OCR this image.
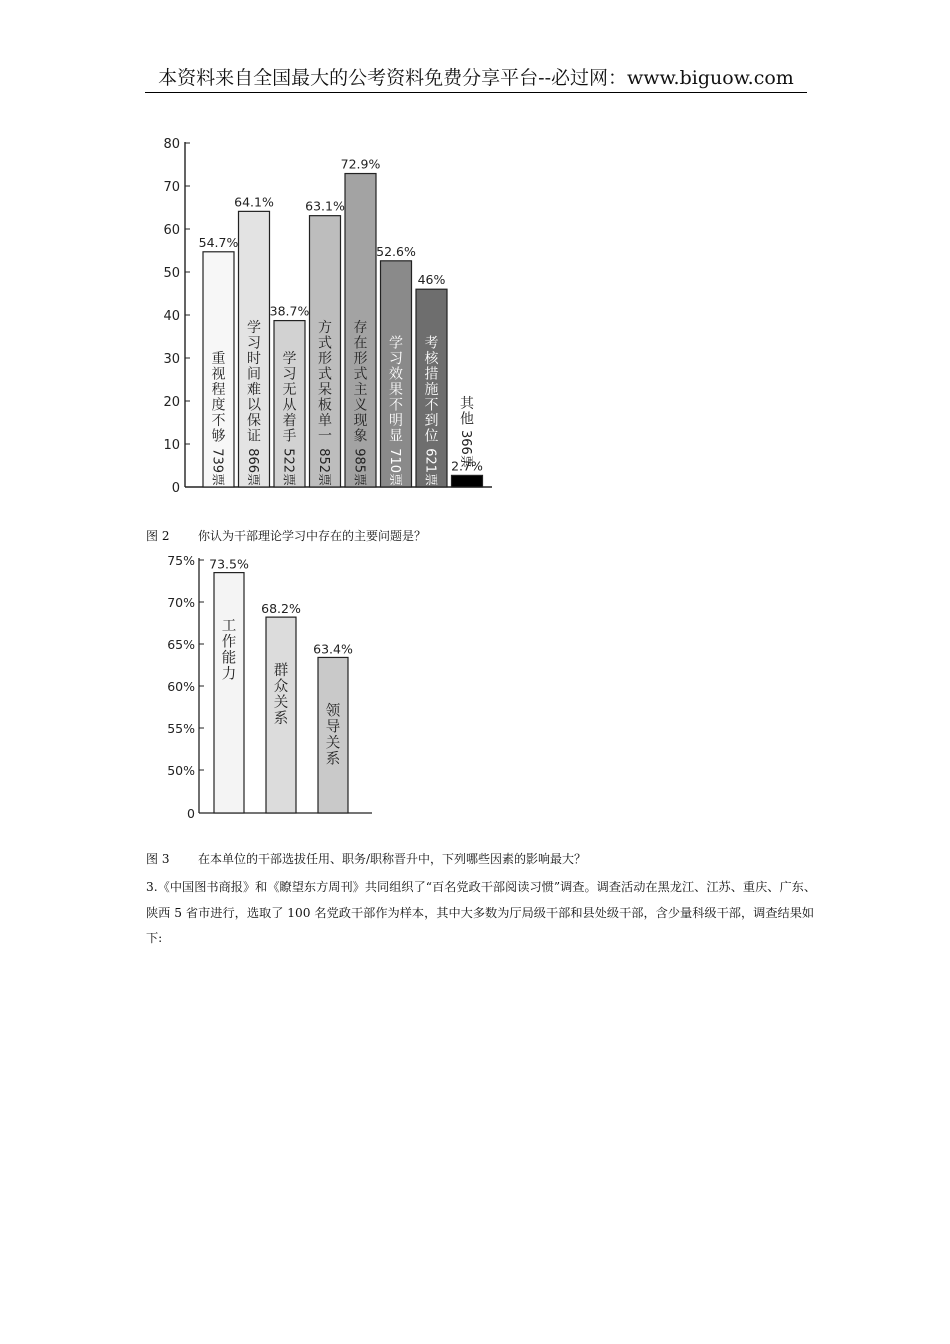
本资料来自全国最大的公考资料免费分享平台--必过网：www.biguow.com
0
10
20
30
40
50
60
70
80
54.7%
重视程度不够
739票
64.1%
学习时间难以保证
866票
38.7%
学习无从着手
522票
63.1%
方式形式呆板单一
852票
72.9%
存在形式主义现象
985票
52.6%
学习效果不明显
710票
46%
考核措施不到位
621票 2.7%
其他
366票
图 2 你认为干部理论学习中存在的主要问题是？
0
50%
55%
60%
65%
70%
75% 73.5%
工作能力
68.2%
群众关系
63.4%
领导关系
图 3 在本单位的干部选拔任用、职务/职称晋升中，下列哪些因素的影响最大？
3.《中国图书商报》和《瞭望东方周刊》共同组织了“百名党政干部阅读习惯”调查。调查活动在黑龙江、江苏、重庆、广东、陕西 5 省市进行，选取了 100 名党政干部作为样本，其中大多数为厅局级干部和县处级干部，含少量科级干部，调查结果如下:
